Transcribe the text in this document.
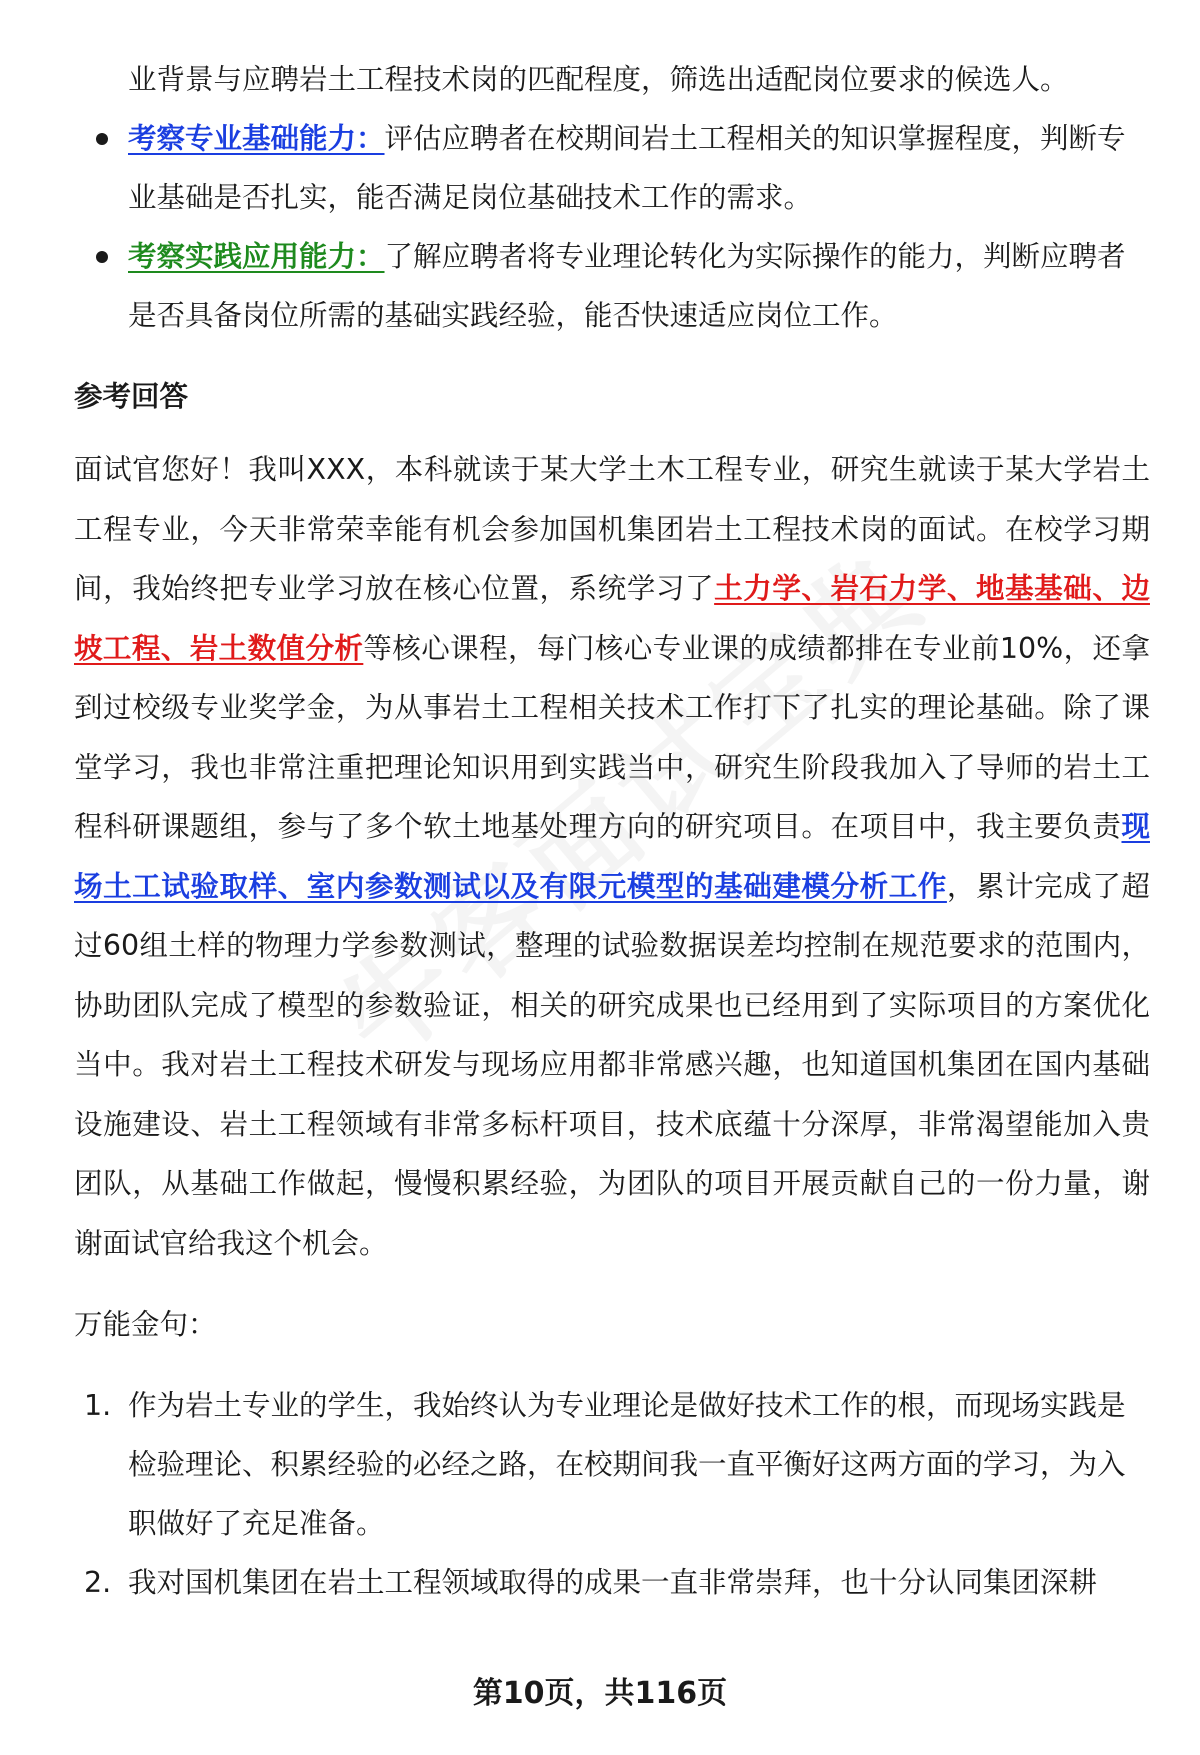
业背景与应聘岩土工程技术岗的匹配程度，筛选出适配岗位要求的候选人。
考察专业基础能力：评估应聘者在校期间岩土工程相关的知识掌握程度，判断专业基础是否扎实，能否满足岗位基础技术工作的需求。
考察实践应用能力：了解应聘者将专业理论转化为实际操作的能力，判断应聘者是否具备岗位所需的基础实践经验，能否快速适应岗位工作。
参考回答

面试官您好！我叫XXX，本科就读于某大学土木工程专业，研究生就读于某大学岩土工程专业，今天非常荣幸能有机会参加国机集团岩土工程技术岗的面试。在校学习期间，我始终把专业学习放在核心位置，系统学习了土力学、岩石力学、地基基础、边坡工程、岩土数值分析等核心课程，每门核心专业课的成绩都排在专业前10%，还拿到过校级专业奖学金，为从事岩土工程相关技术工作打下了扎实的理论基础。除了课堂学习，我也非常注重把理论知识用到实践当中，研究生阶段我加入了导师的岩土工程科研课题组，参与了多个软土地基处理方向的研究项目。在项目中，我主要负责现场土工试验取样、室内参数测试以及有限元模型的基础建模分析工作，累计完成了超过60组土样的物理力学参数测试，整理的试验数据误差均控制在规范要求的范围内，协助团队完成了模型的参数验证，相关的研究成果也已经用到了实际项目的方案优化当中。我对岩土工程技术研发与现场应用都非常感兴趣，也知道国机集团在国内基础设施建设、岩土工程领域有非常多标杆项目，技术底蕴十分深厚，非常渴望能加入贵团队，从基础工作做起，慢慢积累经验，为团队的项目开展贡献自己的一份力量，谢谢面试官给我这个机会。

万能金句：
1. 作为岩土专业的学生，我始终认为专业理论是做好技术工作的根，而现场实践是检验理论、积累经验的必经之路，在校期间我一直平衡好这两方面的学习，为入职做好了充足准备。
2. 我对国机集团在岩土工程领域取得的成果一直非常崇拜，也十分认同集团深耕
第10页，共116页
